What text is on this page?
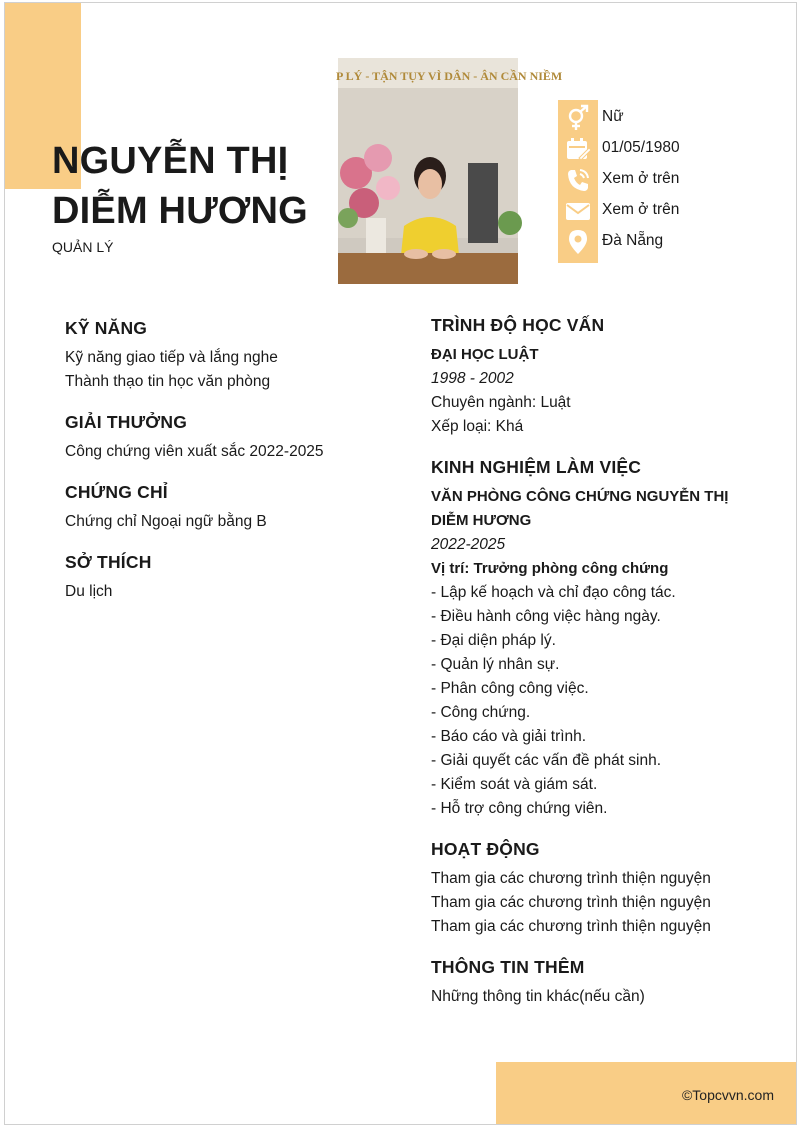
©Topcvvn.com
NGUYỄN THỊ DIỄM HƯƠNG

QUẢN LÝ

P LÝ - TẬN TỤY VÌ DÂN - ÂN CẦN NIỀM
Nữ
01/05/1980
Xem ở trên
Xem ở trên
Đà Nẵng
KỸ NĂNG

Kỹ năng giao tiếp và lắng nghe

Thành thạo tin học văn phòng

GIẢI THƯỞNG

Công chứng viên xuất sắc 2022-2025

CHỨNG CHỈ

Chứng chỉ Ngoại ngữ bằng B

SỞ THÍCH

Du lịch

TRÌNH ĐỘ HỌC VẤN

ĐẠI HỌC LUẬT

1998 - 2002

Chuyên ngành: Luật

Xếp loại: Khá

KINH NGHIỆM LÀM VIỆC

VĂN PHÒNG CÔNG CHỨNG NGUYỄN THỊ DIỄM HƯƠNG

2022-2025

Vị trí: Trưởng phòng công chứng

- Lập kế hoạch và chỉ đạo công tác.

- Điều hành công việc hàng ngày.

- Đại diện pháp lý.

- Quản lý nhân sự.

- Phân công công việc.

- Công chứng.

- Báo cáo và giải trình.

- Giải quyết các vấn đề phát sinh.

- Kiểm soát và giám sát.

- Hỗ trợ công chứng viên.

HOẠT ĐỘNG

Tham gia các chương trình thiện nguyện

Tham gia các chương trình thiện nguyện

Tham gia các chương trình thiện nguyện

THÔNG TIN THÊM

Những thông tin khác(nếu cần)
